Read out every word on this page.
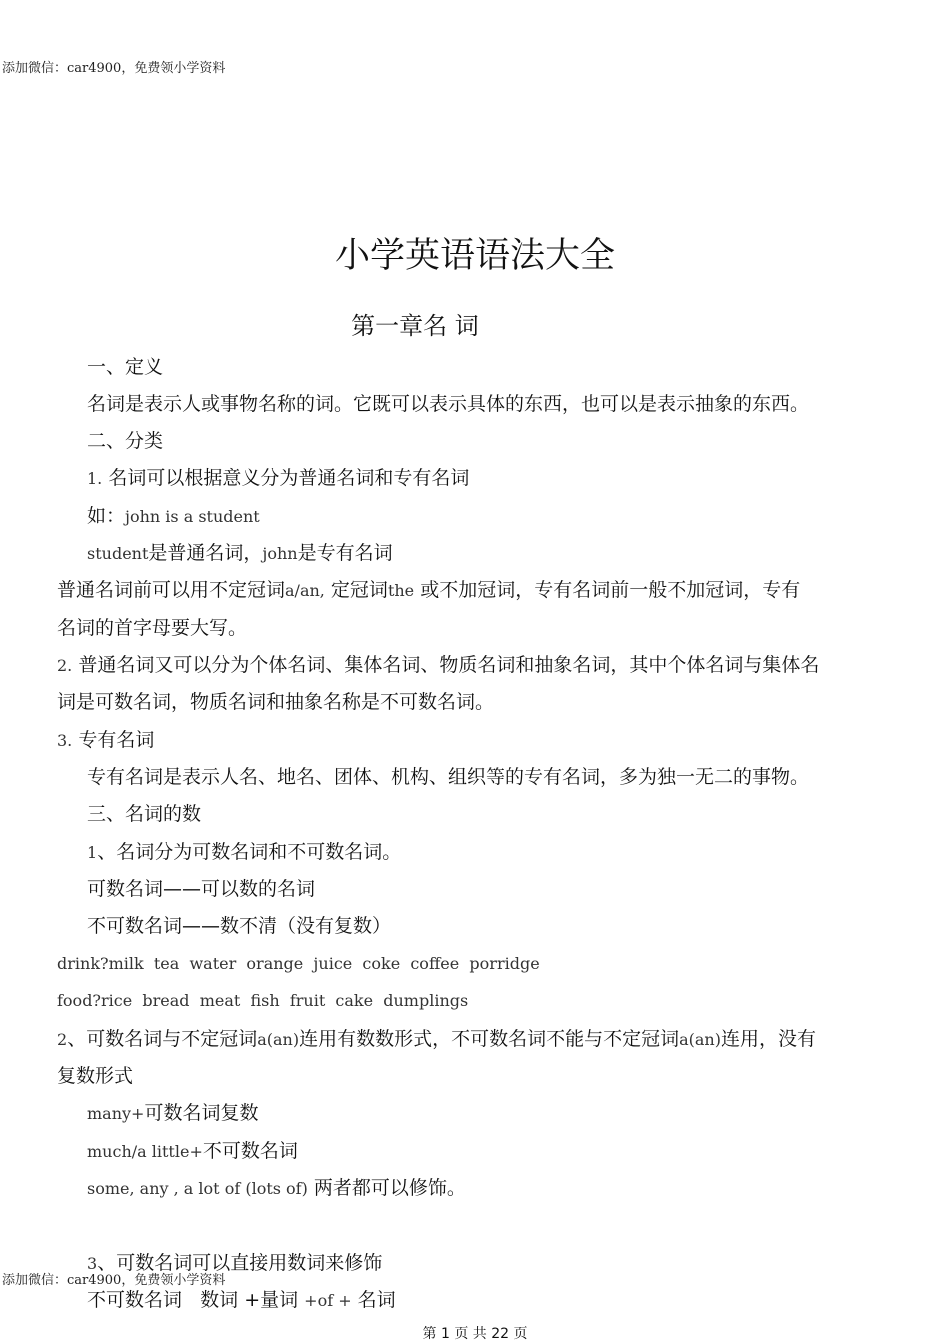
添加微信：car4900，免费领小学资料
小学英语语法大全
第一章名 词
一、定义
名词是表示人或事物名称的词。它既可以表示具体的东西，也可以是表示抽象的东西。
二、分类
1. 名词可以根据意义分为普通名词和专有名词
如：john is a student
student是普通名词，john是专有名词
普通名词前可以用不定冠词a/an, 定冠词the 或不加冠词，专有名词前一般不加冠词，专有
名词的首字母要大写。
2. 普通名词又可以分为个体名词、集体名词、物质名词和抽象名词，其中个体名词与集体名
词是可数名词，物质名词和抽象名称是不可数名词。
3. 专有名词
专有名词是表示人名、地名、团体、机构、组织等的专有名词，多为独一无二的事物。
三、名词的数
1、名词分为可数名词和不可数名词。
可数名词——可以数的名词
不可数名词——数不清（没有复数）
drink?milk  tea  water  orange  juice  coke  coffee  porridge
food?rice  bread  meat  fish  fruit  cake  dumplings
2、可数名词与不定冠词a(an)连用有数数形式，不可数名词不能与不定冠词a(an)连用，没有
复数形式
many+可数名词复数
much/a little+不可数名词
some, any , a lot of (lots of) 两者都可以修饰。
3、可数名词可以直接用数词来修饰
添加微信：car4900，免费领小学资料
不可数名词 数词 +量词 +of + 名词
第 1 页 共 22 页
